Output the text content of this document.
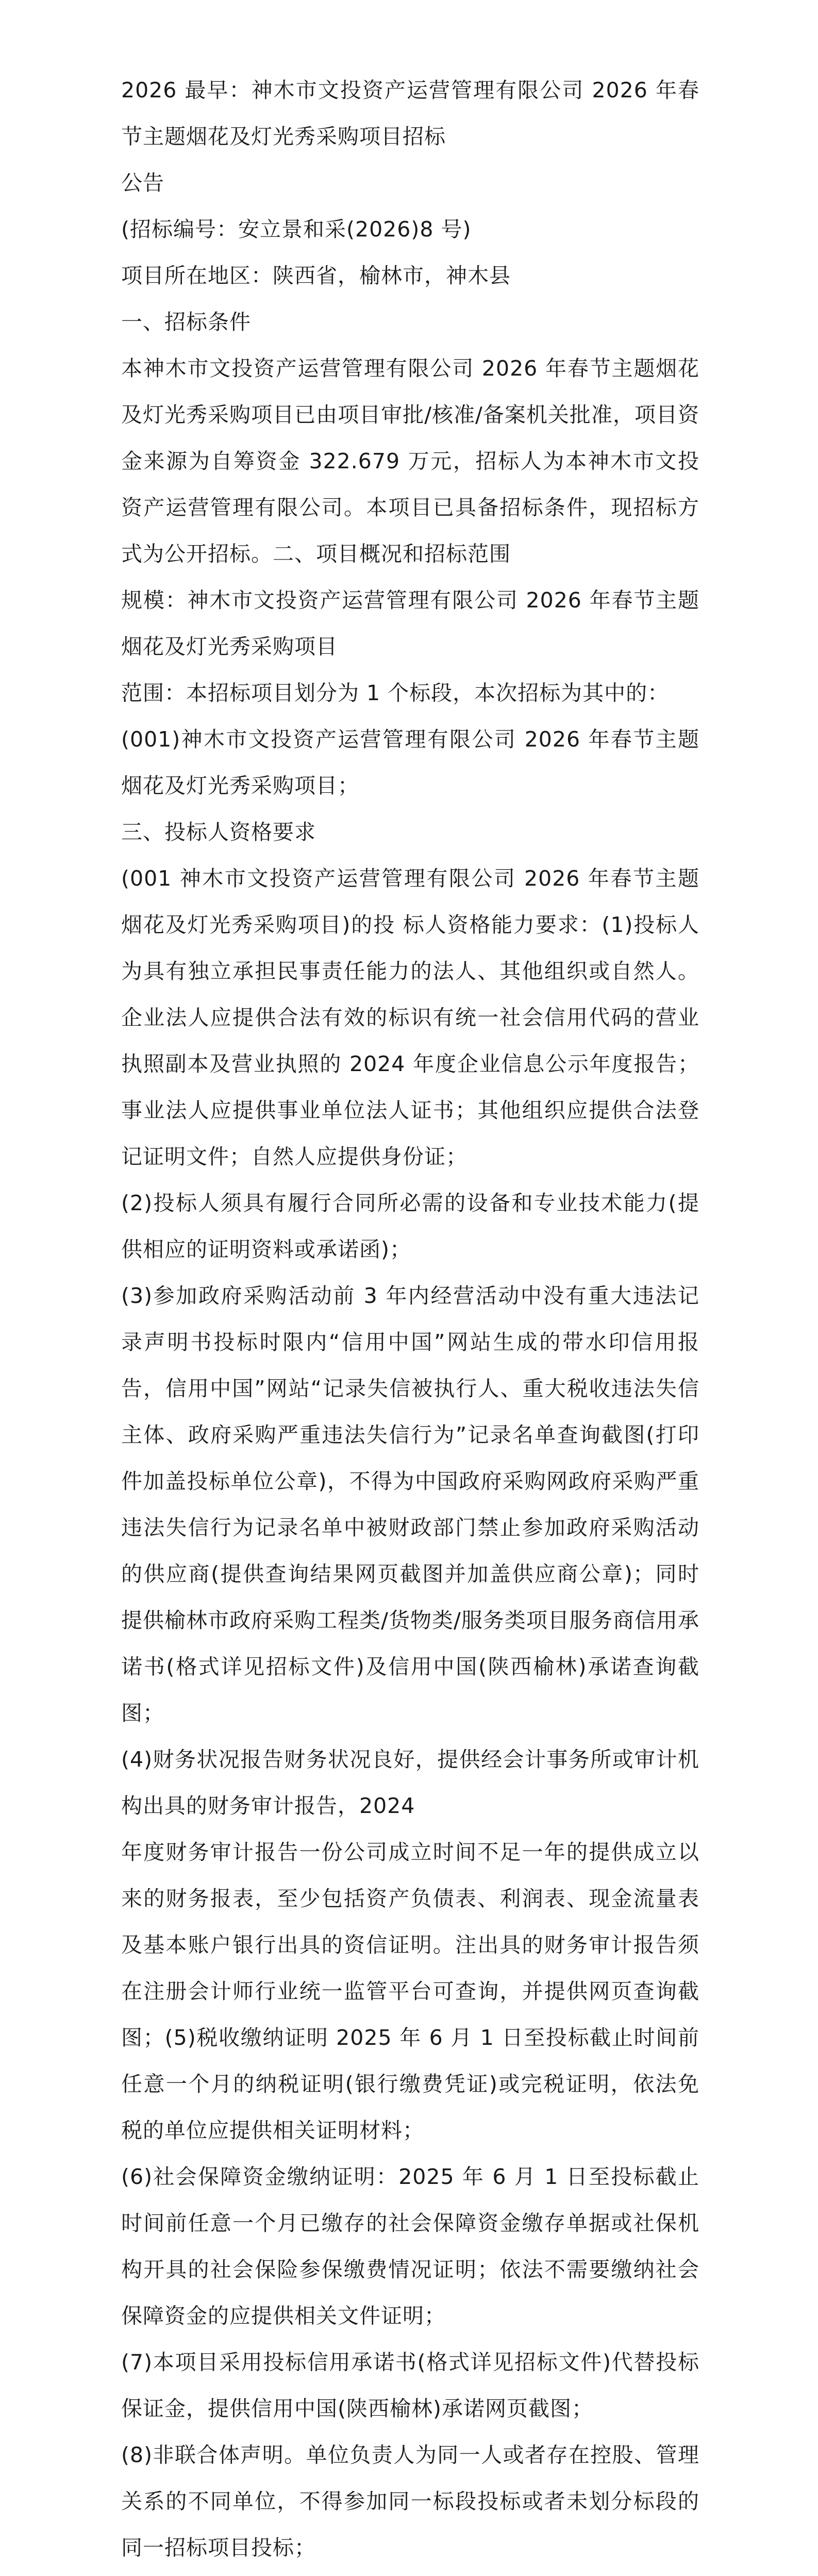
2026 最早：神木市文投资产运营管理有限公司 2026 年春节主题烟花及灯光秀采购项目招标

公告

(招标编号：安立景和采(2026)8 号)

项目所在地区：陕西省，榆林市，神木县

一、招标条件

本神木市文投资产运营管理有限公司 2026 年春节主题烟花及灯光秀采购项目已由项目审批/核准/备案机关批准，项目资金来源为自筹资金 322.679 万元，招标人为本神木市文投资产运营管理有限公司。本项目已具备招标条件，现招标方式为公开招标。二、项目概况和招标范围

规模：神木市文投资产运营管理有限公司 2026 年春节主题烟花及灯光秀采购项目

范围：本招标项目划分为 1 个标段，本次招标为其中的：

(001)神木市文投资产运营管理有限公司 2026 年春节主题烟花及灯光秀采购项目；

三、投标人资格要求

(001 神木市文投资产运营管理有限公司 2026 年春节主题烟花及灯光秀采购项目)的投 标人资格能力要求：(1)投标人为具有独立承担民事责任能力的法人、其他组织或自然人。企业法人应提供合法有效的标识有统一社会信用代码的营业执照副本及营业执照的 2024 年度企业信息公示年度报告；事业法人应提供事业单位法人证书；其他组织应提供合法登记证明文件；自然人应提供身份证；

(2)投标人须具有履行合同所必需的设备和专业技术能力(提供相应的证明资料或承诺函)；

(3)参加政府采购活动前 3 年内经营活动中没有重大违法记录声明书投标时限内“信用中国”网站生成的带水印信用报告，信用中国”网站“记录失信被执行人、重大税收违法失信主体、政府采购严重违法失信行为”记录名单查询截图(打印件加盖投标单位公章)，不得为中国政府采购网政府采购严重违法失信行为记录名单中被财政部门禁止参加政府采购活动的供应商(提供查询结果网页截图并加盖供应商公章)；同时提供榆林市政府采购工程类/货物类/服务类项目服务商信用承诺书(格式详见招标文件)及信用中国(陕西榆林)承诺查询截图；

(4)财务状况报告财务状况良好，提供经会计事务所或审计机构出具的财务审计报告，2024

年度财务审计报告一份公司成立时间不足一年的提供成立以来的财务报表，至少包括资产负债表、利润表、现金流量表及基本账户银行出具的资信证明。注出具的财务审计报告须在注册会计师行业统一监管平台可查询，并提供网页查询截图；(5)税收缴纳证明 2025 年 6 月 1 日至投标截止时间前任意一个月的纳税证明(银行缴费凭证)或完税证明，依法免税的单位应提供相关证明材料；

(6)社会保障资金缴纳证明：2025 年 6 月 1 日至投标截止时间前任意一个月已缴存的社会保障资金缴存单据或社保机构开具的社会保险参保缴费情况证明；依法不需要缴纳社会保障资金的应提供相关文件证明；

(7)本项目采用投标信用承诺书(格式详见招标文件)代替投标保证金，提供信用中国(陕西榆林)承诺网页截图；

(8)非联合体声明。单位负责人为同一人或者存在控股、管理关系的不同单位，不得参加同一标段投标或者未划分标段的同一招标项目投标；
